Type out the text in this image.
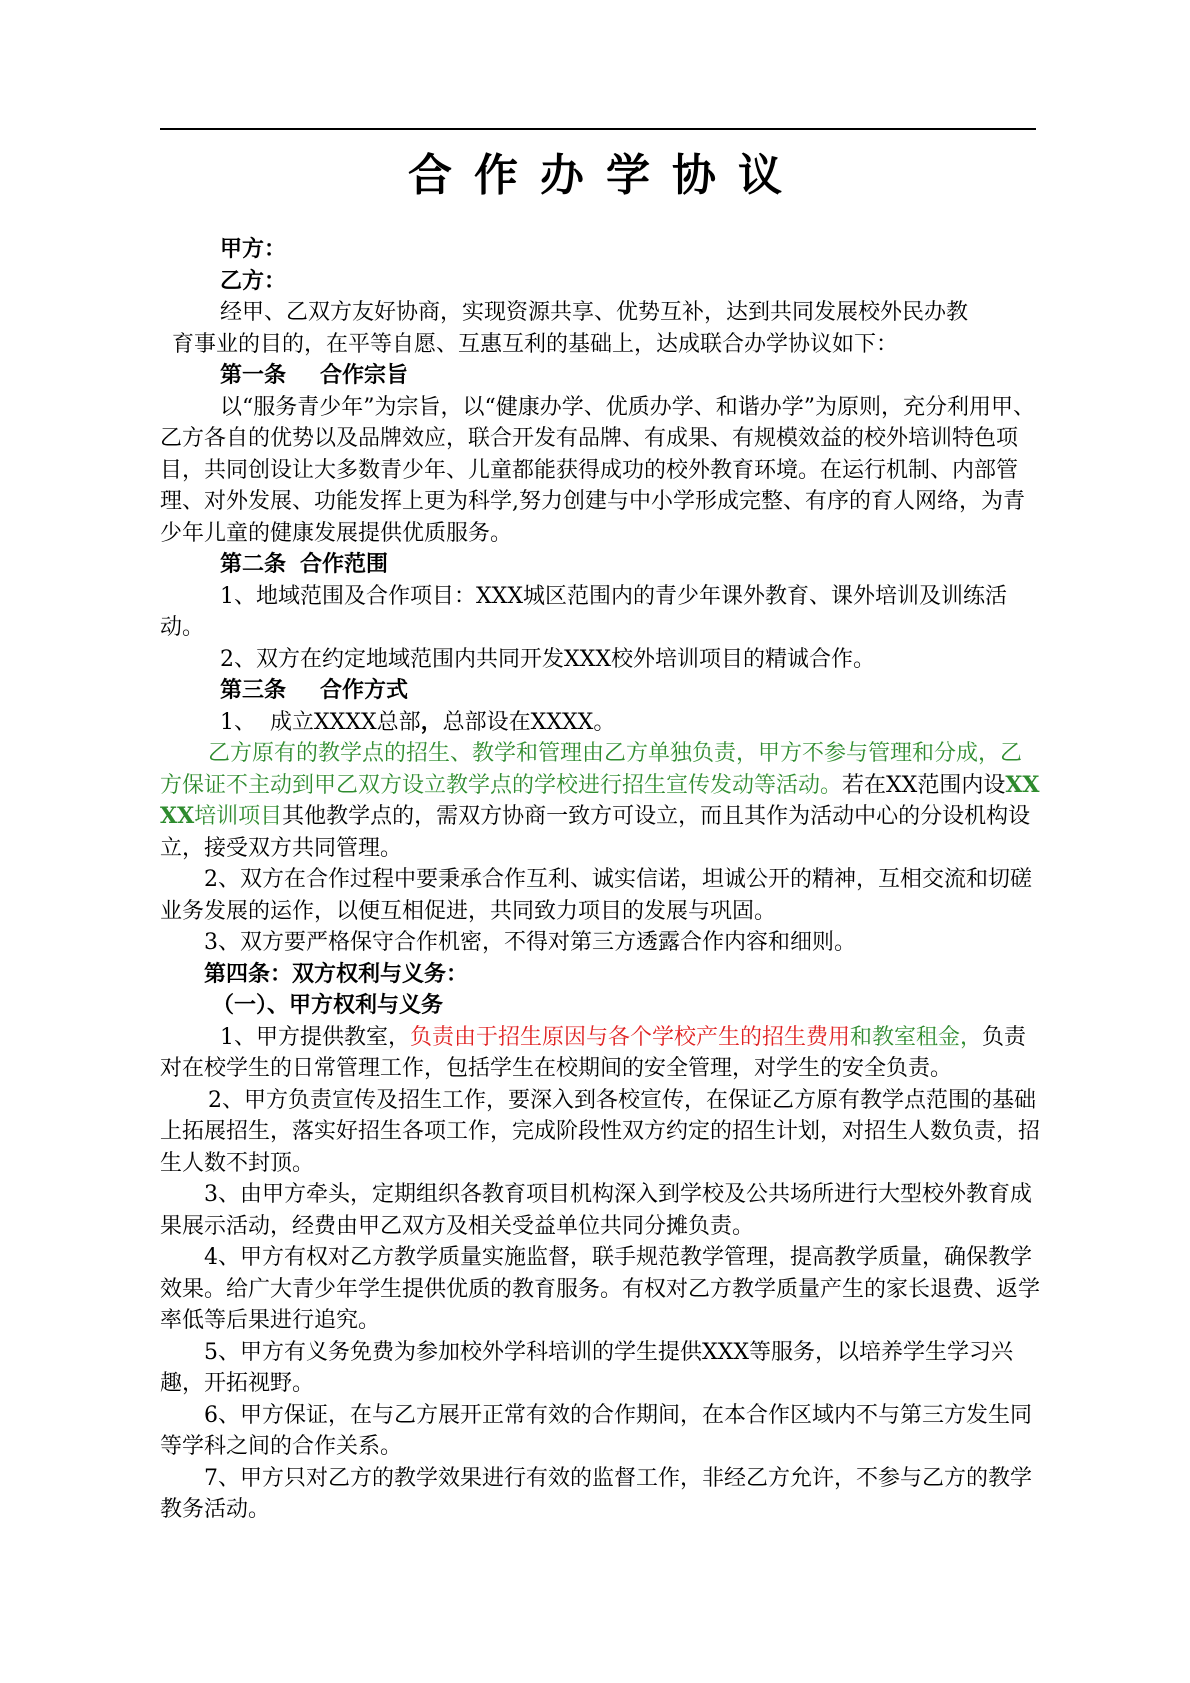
合作办学协议

甲方：

乙方：

经甲、乙双方友好协商，实现资源共享、优势互补，达到共同发展校外民办教

育事业的目的，在平等自愿、互惠互利的基础上，达成联合办学协议如下：

第一条 合作宗旨

以“服务青少年”为宗旨，以“健康办学、优质办学、和谐办学”为原则，充分利用甲、乙方各自的优势以及品牌效应，联合开发有品牌、有成果、有规模效益的校外培训特色项目，共同创设让大多数青少年、儿童都能获得成功的校外教育环境。在运行机制、内部管理、对外发展、功能发挥上更为科学,努力创建与中小学形成完整、有序的育人网络，为青少年儿童的健康发展提供优质服务。

第二条 合作范围

1、地域范围及合作项目：XXX城区范围内的青少年课外教育、课外培训及训练活动。

2、双方在约定地域范围内共同开发XXX校外培训项目的精诚合作。

第三条 合作方式

1、 成立XXXX总部，总部设在XXXX。

乙方原有的教学点的招生、教学和管理由乙方单独负责，甲方不参与管理和分成，乙方保证不主动到甲乙双方设立教学点的学校进行招生宣传发动等活动。若在XX范围内设XXXX培训项目其他教学点的，需双方协商一致方可设立，而且其作为活动中心的分设机构设立，接受双方共同管理。

2、双方在合作过程中要秉承合作互利、诚实信诺，坦诚公开的精神，互相交流和切磋业务发展的运作，以便互相促进，共同致力项目的发展与巩固。

3、双方要严格保守合作机密，不得对第三方透露合作内容和细则。

第四条：双方权利与义务：

（一）、甲方权利与义务

1、甲方提供教室，负责由于招生原因与各个学校产生的招生费用和教室租金，负责对在校学生的日常管理工作，包括学生在校期间的安全管理，对学生的安全负责。

2、甲方负责宣传及招生工作，要深入到各校宣传，在保证乙方原有教学点范围的基础上拓展招生，落实好招生各项工作，完成阶段性双方约定的招生计划，对招生人数负责，招生人数不封顶。

3、由甲方牵头，定期组织各教育项目机构深入到学校及公共场所进行大型校外教育成果展示活动，经费由甲乙双方及相关受益单位共同分摊负责。

4、甲方有权对乙方教学质量实施监督，联手规范教学管理，提高教学质量，确保教学效果。给广大青少年学生提供优质的教育服务。有权对乙方教学质量产生的家长退费、返学率低等后果进行追究。

5、甲方有义务免费为参加校外学科培训的学生提供XXX等服务，以培养学生学习兴趣，开拓视野。

6、甲方保证，在与乙方展开正常有效的合作期间，在本合作区域内不与第三方发生同等学科之间的合作关系。

7、甲方只对乙方的教学效果进行有效的监督工作，非经乙方允许，不参与乙方的教学教务活动。
